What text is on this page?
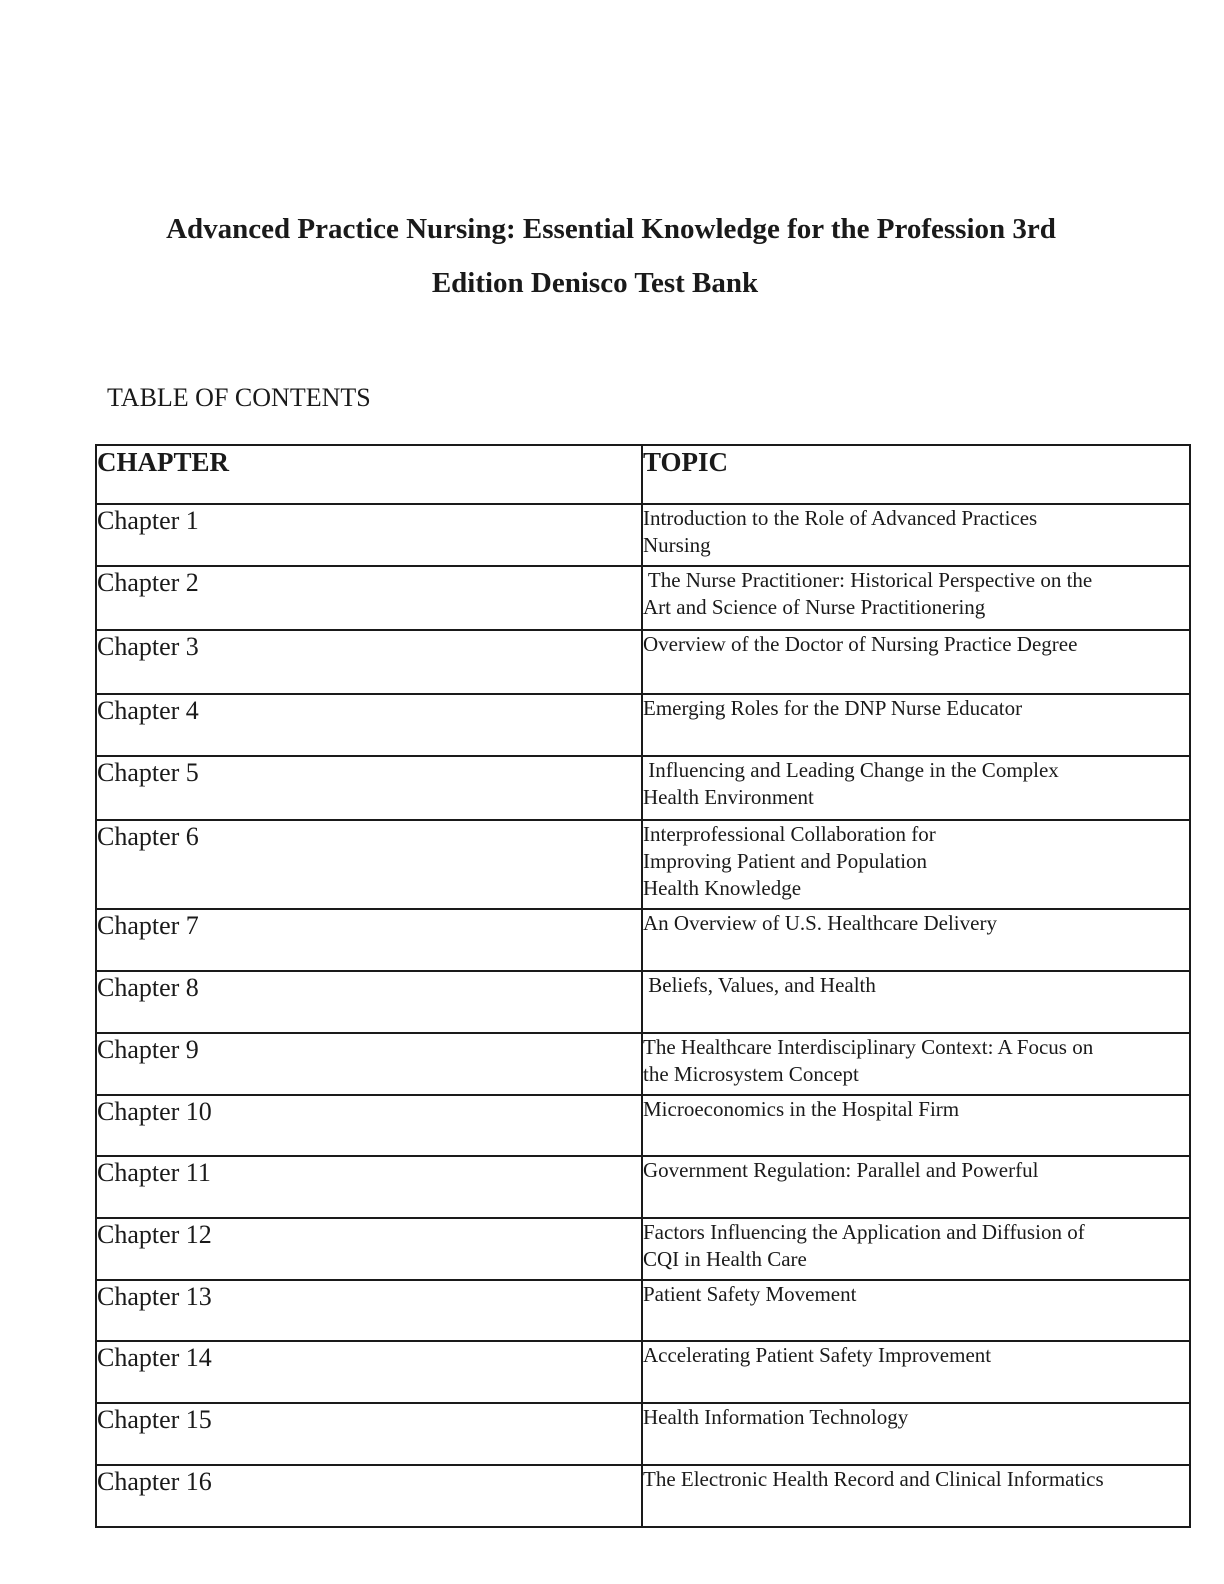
Advanced Practice Nursing: Essential Knowledge for the Profession 3rd
Edition Denisco Test Bank
TABLE OF CONTENTS
CHAPTER	TOPIC
Chapter 1	Introduction to the Role of Advanced Practices
Nursing
Chapter 2	The Nurse Practitioner: Historical Perspective on the
Art and Science of Nurse Practitionering
Chapter 3	Overview of the Doctor of Nursing Practice Degree
Chapter 4	Emerging Roles for the DNP Nurse Educator
Chapter 5	Influencing and Leading Change in the Complex
Health Environment
Chapter 6	Interprofessional Collaboration for
Improving Patient and Population
Health Knowledge
Chapter 7	An Overview of U.S. Healthcare Delivery
Chapter 8	Beliefs, Values, and Health
Chapter 9	The Healthcare Interdisciplinary Context: A Focus on
the Microsystem Concept
Chapter 10	Microeconomics in the Hospital Firm
Chapter 11	Government Regulation: Parallel and Powerful
Chapter 12	Factors Influencing the Application and Diffusion of
CQI in Health Care
Chapter 13	Patient Safety Movement
Chapter 14	Accelerating Patient Safety Improvement
Chapter 15	Health Information Technology
Chapter 16	The Electronic Health Record and Clinical Informatics
